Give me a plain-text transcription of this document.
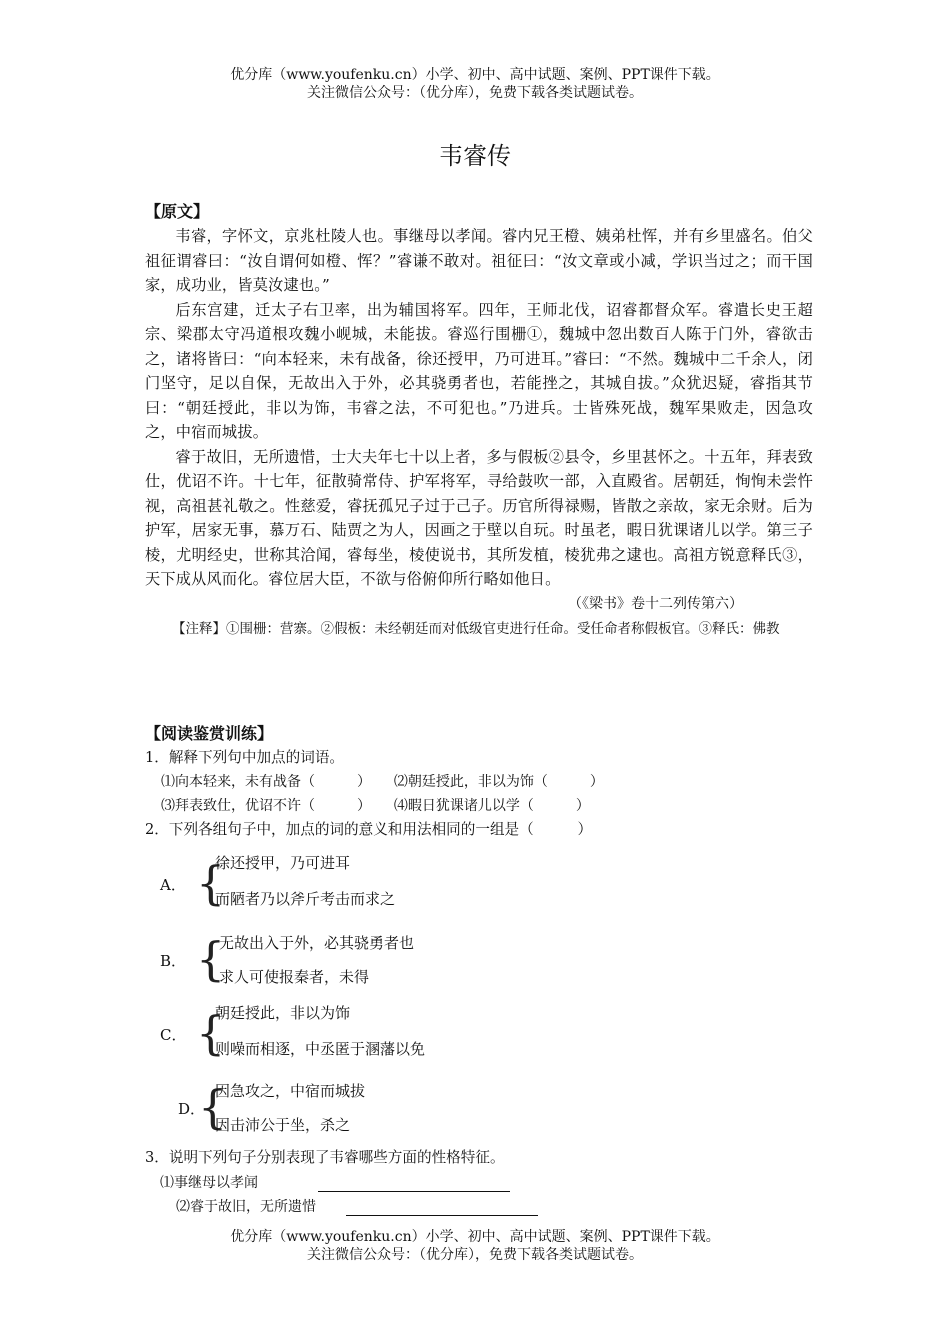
优分库（www.youfenku.cn）小学、初中、高中试题、案例、PPT课件下载。
关注微信公众号：（优分库），免费下载各类试题试卷。
韦睿传
【原文】

韦睿，字怀文，京兆杜陵人也。事继母以孝闻。睿内兄王橙、姨弟杜恽，并有乡里盛名。伯父祖征谓睿曰：“汝自谓何如橙、恽？”睿谦不敢对。祖征曰：“汝文章或小减，学识当过之；而干国家，成功业，皆莫汝逮也。”

后东宫建，迁太子右卫率，出为辅国将军。四年，王师北伐，诏睿都督众军。睿遣长史王超宗、梁郡太守冯道根攻魏小岘城，未能拔。睿巡行围栅①，魏城中忽出数百人陈于门外，睿欲击之，诸将皆曰：“向本轻来，未有战备，徐还授甲，乃可进耳。”睿曰：“不然。魏城中二千余人，闭门坚守，足以自保，无故出入于外，必其骁勇者也，若能挫之，其城自拔。”众犹迟疑，睿指其节曰：“朝廷授此，非以为饰，韦睿之法，不可犯也。”乃进兵。士皆殊死战，魏军果败走，因急攻之，中宿而城拔。

睿于故旧，无所遗惜，士大夫年七十以上者，多与假板②县令，乡里甚怀之。十五年，拜表致仕，优诏不许。十七年，征散骑常侍、护军将军，寻给鼓吹一部，入直殿省。居朝廷，恂恂未尝忤视，高祖甚礼敬之。性慈爱，睿抚孤兄子过于己子。历官所得禄赐，皆散之亲故，家无余财。后为护军，居家无事，慕万石、陆贾之为人，因画之于壁以自玩。时虽老，暇日犹课诸儿以学。第三子棱，尤明经史，世称其洽闻，睿每坐，棱使说书，其所发植，棱犹弗之逮也。高祖方锐意释氏③，天下成从风而化。睿位居大臣，不欲与俗俯仰所行略如他日。

（《梁书》卷十二列传第六）

【注释】①围栅：营寨。②假板：未经朝廷而对低级官吏进行任命。受任命者称假板官。③释氏：佛教

【阅读鉴赏训练】
1．解释下列句中加点的词语。
⑴向本轻来，未有战备（　　　） ⑵朝廷授此，非以为饰（　　　）
⑶拜表致仕，优诏不许（　　　） ⑷暇日犹课诸儿以学（　　　）
2．下列各组句子中，加点的词的意义和用法相同的一组是（　　　）
A． {
徐还授甲，乃可进耳
而陋者乃以斧斤考击而求之
B． {
无故出入于外，必其骁勇者也
求人可使报秦者，未得
C． {
朝廷授此，非以为饰
则噪而相逐，中丞匿于溷藩以免
D．
{
因急攻之，中宿而城拔
因击沛公于坐，杀之
3．说明下列句子分别表现了韦睿哪些方面的性格特征。
⑴事继母以孝闻
⑵睿于故旧，无所遗惜
优分库（www.youfenku.cn）小学、初中、高中试题、案例、PPT课件下载。
关注微信公众号：（优分库），免费下载各类试题试卷。
